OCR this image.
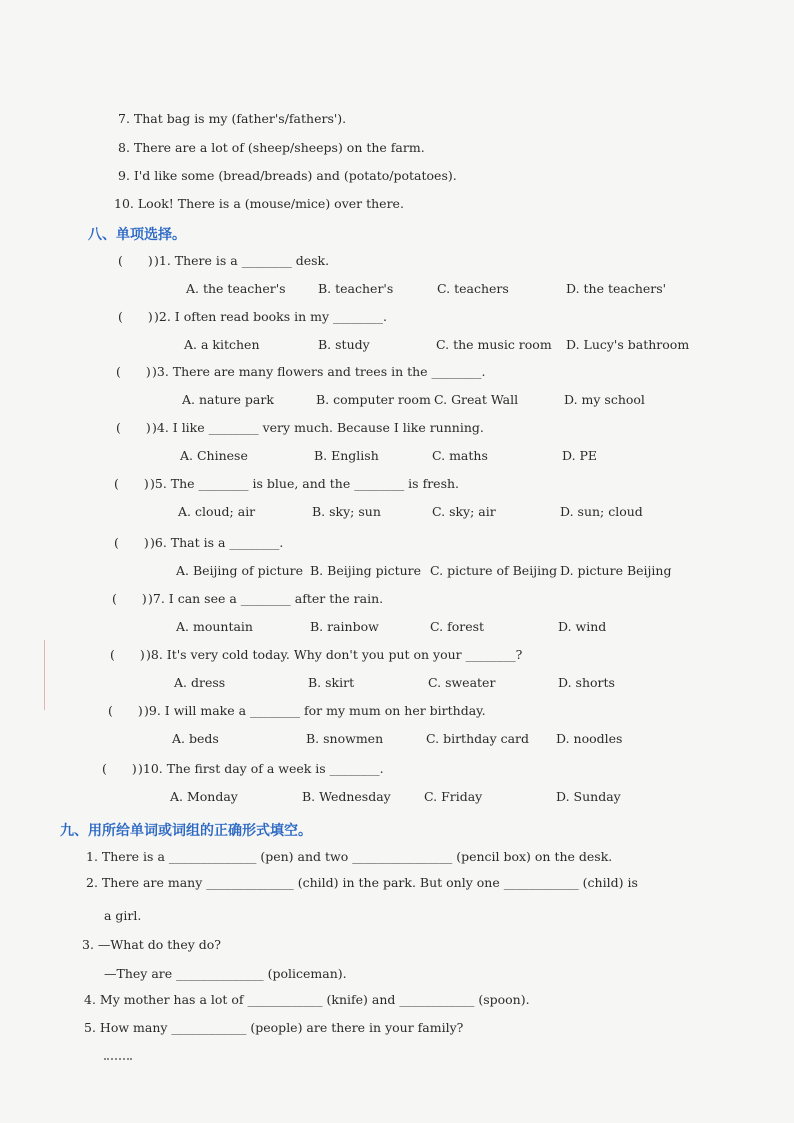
7. That bag is my (father's/fathers').
8. There are a lot of (sheep/sheeps) on the farm.
9. I'd like some (bread/breads) and (potato/potatoes).
10. Look! There is a (mouse/mice) over there.
八、单项选择。
(　　))1. There is a ________ desk.
A. the teacher's	B. teacher's	C. teachers	D. the teachers'
(　　))2. I often read books in my ________.
A. a kitchen	B. study	C. the music room D. Lucy's bathroom
(　　))3. There are many flowers and trees in the ________.
A. nature park	B. computer room C. Great Wall	D. my school
(　　))4. I like ________ very much. Because I like running.
A. Chinese	B. English	C. maths	D. PE
(　　))5. The ________ is blue, and the ________ is fresh.
A. cloud; air	B. sky; sun	C. sky; air	D. sun; cloud
(　　))6. That is a ________.
A. Beijing of picture B. Beijing picture C. picture of Beijing D. picture Beijing
(　　))7. I can see a ________ after the rain.
A. mountain	B. rainbow	C. forest	D. wind
(　　))8. It's very cold today. Why don't you put on your ________?
A. dress	B. skirt	C. sweater	D. shorts
(　　))9. I will make a ________ for my mum on her birthday.
A. beds	B. snowmen	C. birthday card D. noodles
(　　))10. The first day of a week is ________.
A. Monday	B. Wednesday	C. Friday	D. Sunday
九、用所给单词或词组的正确形式填空。
1. There is a ______________ (pen) and two ________________ (pencil box) on the desk.
2. There are many ______________ (child) in the park. But only one ____________ (child) is
a girl.
3. —What do they do?
—They are ______________ (policeman).
4. My mother has a lot of ____________ (knife) and ____________ (spoon).
5. How many ____________ (people) are there in your family?
